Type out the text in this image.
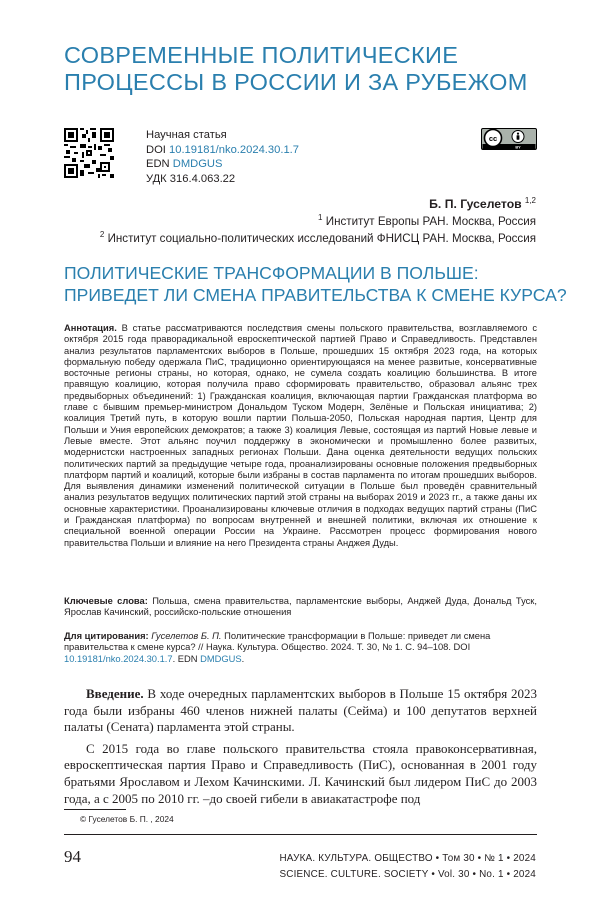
СОВРЕМЕННЫЕ ПОЛИТИЧЕСКИЕ
ПРОЦЕССЫ В РОССИИ И ЗА РУБЕЖОМ
Научная статья
DOI 10.19181/nko.2024.30.1.7
EDN DMDGUS
УДК 316.4.063.22
cc
BY
Б. П. Гуселетов $^{1,2}$
$^1$ Институт Европы РАН. Москва, Россия
$^2$ Институт социально-политических исследований ФНИСЦ РАН. Москва, Россия
ПОЛИТИЧЕСКИЕ ТРАНСФОРМАЦИИ В ПОЛЬШЕ:
ПРИВЕДЕТ ЛИ СМЕНА ПРАВИТЕЛЬСТВА К СМЕНЕ КУРСА?
Аннотация. В статье рассматриваются последствия смены польского правительства, возглавляемого с октября 2015 года праворадикальной евроскептической партией Право и Справедливость. Представлен анализ результатов парламентских выборов в Польше, прошедших 15 октября 2023 года, на которых формальную победу одержала ПиС, традиционно ориентирующаяся на менее развитые, консервативные восточные регионы страны, но которая, однако, не сумела создать коалицию большинства. В итоге правящую коалицию, которая получила право сформировать правительство, образовал альянс трех предвыборных объединений: 1) Гражданская коалиция, включающая партии Гражданская платформа во главе с бывшим премьер-министром Дональдом Туском Модерн, Зелёные и Польская инициатива; 2) коалиция Третий путь, в которую вошли партии Польша-2050, Польская народная партия, Центр для Польши и Уния европейских демократов; а также 3) коалиция Левые, состоящая из партий Новые левые и Левые вместе. Этот альянс поучил поддержку в экономически и промышленно более развитых, модернистски настроенных западных регионах Польши. Дана оценка деятельности ведущих польских политических партий за предыдущие четыре года, проанализированы основные положения предвыборных платформ партий и коалиций, которые были избраны в состав парламента по итогам прошедших выборов. Для выявления динамики изменений политической ситуации в Польше был проведён сравнительный анализ результатов ведущих политических партий этой страны на выборах 2019 и 2023 гг., а также даны их основные характеристики. Проанализированы ключевые отличия в подходах ведущих партий страны (ПиС и Гражданская платформа) по вопросам внутренней и внешней политики, включая их отношение к специальной военной операции России на Украине. Рассмотрен процесс формирования нового правительства Польши и влияние на него Президента страны Анджея Дуды.
Ключевые слова: Польша, смена правительства, парламентские выборы, Анджей Дуда, Дональд Туск, Ярослав Качинский, российско-польские отношения
Для цитирования: Гуселетов Б. П. Политические трансформации в Польше: приведет ли смена правительства к смене курса? // Наука. Культура. Общество. 2024. Т. 30, № 1. С. 94–108. DOI 10.19181/nko.2024.30.1.7. EDN DMDGUS.

Введение. В ходе очередных парламентских выборов в Польше 15 октября 2023 года были избраны 460 членов нижней палаты (Сейма) и 100 депутатов верхней палаты (Сената) парламента этой страны.

С 2015 года во главе польского правительства стояла правоконсервативная, евроскептическая партия Право и Справедливость (ПиС), основанная в 2001 году братьями Ярославом и Лехом Качинскими. Л. Качинский был лидером ПиС до 2003 года, а с 2005 по 2010 гг. –до своей гибели в авиакатастрофе под

© Гуселетов Б. П. , 2024
94	НАУКА. КУЛЬТУРА. ОБЩЕСТВО • Том 30 • № 1 • 2024
SCIENCE. CULTURE. SOCIETY • Vol. 30 • No. 1 • 2024
